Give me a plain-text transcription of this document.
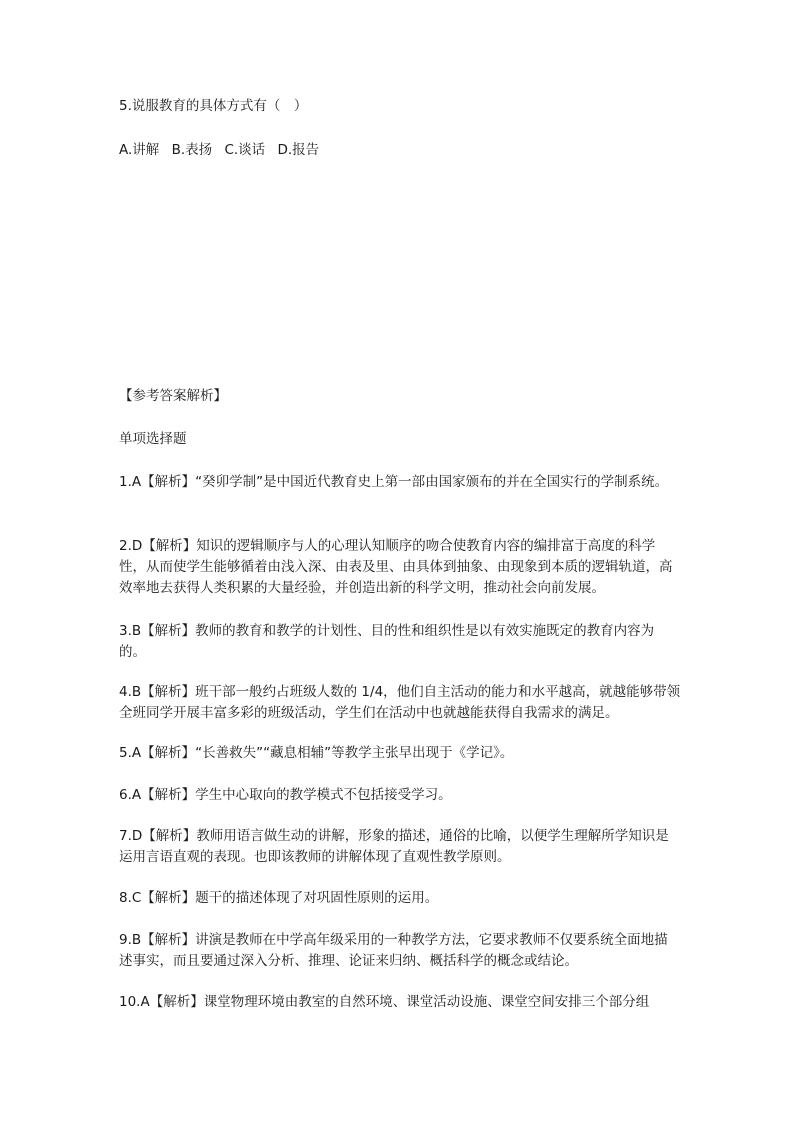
5.说服教育的具体方式有（　）
A.讲解 B.表扬 C.谈话 D.报告
【参考答案解析】
单项选择题
1.A【解析】“癸卯学制”是中国近代教育史上第一部由国家颁布的并在全国实行的学制系统。
2.D【解析】知识的逻辑顺序与人的心理认知顺序的吻合使教育内容的编排富于高度的科学性，从而使学生能够循着由浅入深、由表及里、由具体到抽象、由现象到本质的逻辑轨道，高效率地去获得人类积累的大量经验，并创造出新的科学文明，推动社会向前发展。
3.B【解析】教师的教育和教学的计划性、目的性和组织性是以有效实施既定的教育内容为的。
4.B【解析】班干部一般约占班级人数的 1/4，他们自主活动的能力和水平越高，就越能够带领全班同学开展丰富多彩的班级活动，学生们在活动中也就越能获得自我需求的满足。
5.A【解析】“长善救失”“藏息相辅”等教学主张早出现于《学记》。
6.A【解析】学生中心取向的教学模式不包括接受学习。
7.D【解析】教师用语言做生动的讲解，形象的描述，通俗的比喻，以便学生理解所学知识是运用言语直观的表现。也即该教师的讲解体现了直观性教学原则。
8.C【解析】题干的描述体现了对巩固性原则的运用。
9.B【解析】讲演是教师在中学高年级采用的一种教学方法，它要求教师不仅要系统全面地描述事实，而且要通过深入分析、推理、论证来归纳、概括科学的概念或结论。
10.A【解析】课堂物理环境由教室的自然环境、课堂活动设施、课堂空间安排三个部分组
